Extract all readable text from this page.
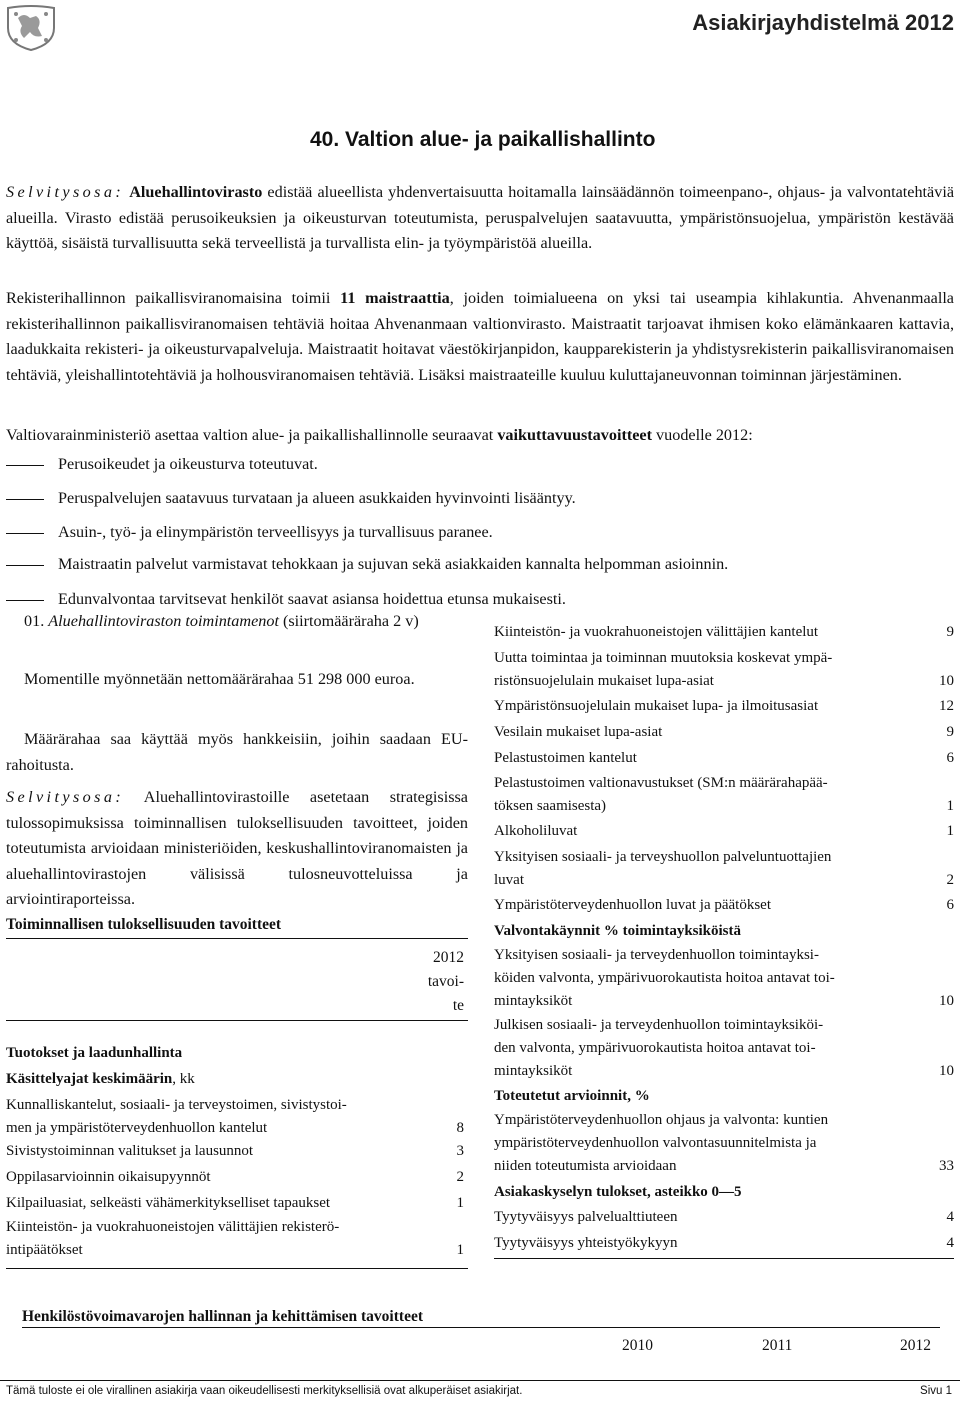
Asiakirjayhdistelmä 2012
40. Valtion alue- ja paikallishallinto
Selvitysosa: Aluehallintovirasto edistää alueellista yhdenvertaisuutta hoitamalla lainsäädännön toimeenpano-, ohjaus- ja valvontatehtäviä alueilla. Virasto edistää perusoikeuksien ja oikeusturvan toteutumista, peruspalvelujen saatavuutta, ympäristönsuojelua, ympäristön kestävää käyttöä, sisäistä turvallisuutta sekä terveellistä ja turvallista elin- ja työympäristöä alueilla.
Rekisterihallinnon paikallisviranomaisina toimii 11 maistraattia, joiden toimialueena on yksi tai useampia kihlakuntia. Ahvenanmaalla rekisterihallinnon paikallisviranomaisen tehtäviä hoitaa Ahvenanmaan valtionvirasto. Maistraatit tarjoavat ihmisen koko elämänkaaren kattavia, laadukkaita rekisteri- ja oikeusturvapalveluja. Maistraatit hoitavat väestökirjanpidon, kaupparekisterin ja yhdistysrekisterin paikallisviranomaisen tehtäviä, yleishallintotehtäviä ja holhousviranomaisen tehtäviä. Lisäksi maistraateille kuuluu kuluttajaneuvonnan toiminnan järjestäminen.
Valtiovarainministeriö asettaa valtion alue- ja paikallishallinnolle seuraavat vaikuttavuustavoitteet vuodelle 2012:
Perusoikeudet ja oikeusturva toteutuvat.
Peruspalvelujen saatavuus turvataan ja alueen asukkaiden hyvinvointi lisääntyy.
Asuin-, työ- ja elinympäristön terveellisyys ja turvallisuus paranee.
Maistraatin palvelut varmistavat tehokkaan ja sujuvan sekä asiakkaiden kannalta helpomman asioinnin.
Edunvalvontaa tarvitsevat henkilöt saavat asiansa hoidettua etunsa mukaisesti.
01. Aluehallintoviraston toimintamenot (siirtomääräraha 2 v)
Momentille myönnetään nettomäärärahaa 51 298 000 euroa.
Määrärahaa saa käyttää myös hankkeisiin, joihin saadaan EU-rahoitusta.
Selvitysosa: Aluehallintovirastoille asetetaan strategisissa tulossopimuksissa toiminnallisen tuloksellisuuden tavoitteet, joiden toteutumista arvioidaan ministeriöiden, keskushallintoviranomaisten ja aluehallintovirastojen välisissä tulosneuvotteluissa ja arviointiraporteissa.
Toiminnallisen tuloksellisuuden tavoitteet
2012
tavoi-
te
Tuotokset ja laadunhallinta
Käsittelyajat keskimäärin, kk
Kunnalliskantelut, sosiaali- ja terveystoimen, sivistystoi-
men ja ympäristöterveydenhuollon kantelut	8
Sivistystoiminnan valitukset ja lausunnot	3
Oppilasarvioinnin oikaisupyynnöt	2
Kilpailuasiat, selkeästi vähämerkitykselliset tapaukset	1
Kiinteistön- ja vuokrahuoneistojen välittäjien rekisterö-
intipäätökset	1
Kiinteistön- ja vuokrahuoneistojen välittäjien kantelut	9
Uutta toimintaa ja toiminnan muutoksia koskevat ympä-
ristönsuojelulain mukaiset lupa-asiat	10
Ympäristönsuojelulain mukaiset lupa- ja ilmoitusasiat	12
Vesilain mukaiset lupa-asiat	9
Pelastustoimen kantelut	6
Pelastustoimen valtionavustukset (SM:n määrärahapää-
töksen saamisesta)	1
Alkoholiluvat	1
Yksityisen sosiaali- ja terveyshuollon palveluntuottajien
luvat	2
Ympäristöterveydenhuollon luvat ja päätökset	6
Valvontakäynnit % toimintayksiköistä
Yksityisen sosiaali- ja terveydenhuollon toimintayksi-
köiden valvonta, ympärivuorokautista hoitoa antavat toi-
mintayksiköt	10
Julkisen sosiaali- ja terveydenhuollon toimintayksiköi-
den valvonta, ympärivuorokautista hoitoa antavat toi-
mintayksiköt	10
Toteutetut arvioinnit, %
Ympäristöterveydenhuollon ohjaus ja valvonta: kuntien
ympäristöterveydenhuollon valvontasuunnitelmista ja
niiden toteutumista arvioidaan	33
Asiakaskyselyn tulokset, asteikko 0—5
Tyytyväisyys palvelualttiuteen	4
Tyytyväisyys yhteistyökykyyn	4
Henkilöstövoimavarojen hallinnan ja kehittämisen tavoitteet
2010	2011	2012
Tämä tuloste ei ole virallinen asiakirja vaan oikeudellisesti merkityksellisiä ovat alkuperäiset asiakirjat.	Sivu 1
